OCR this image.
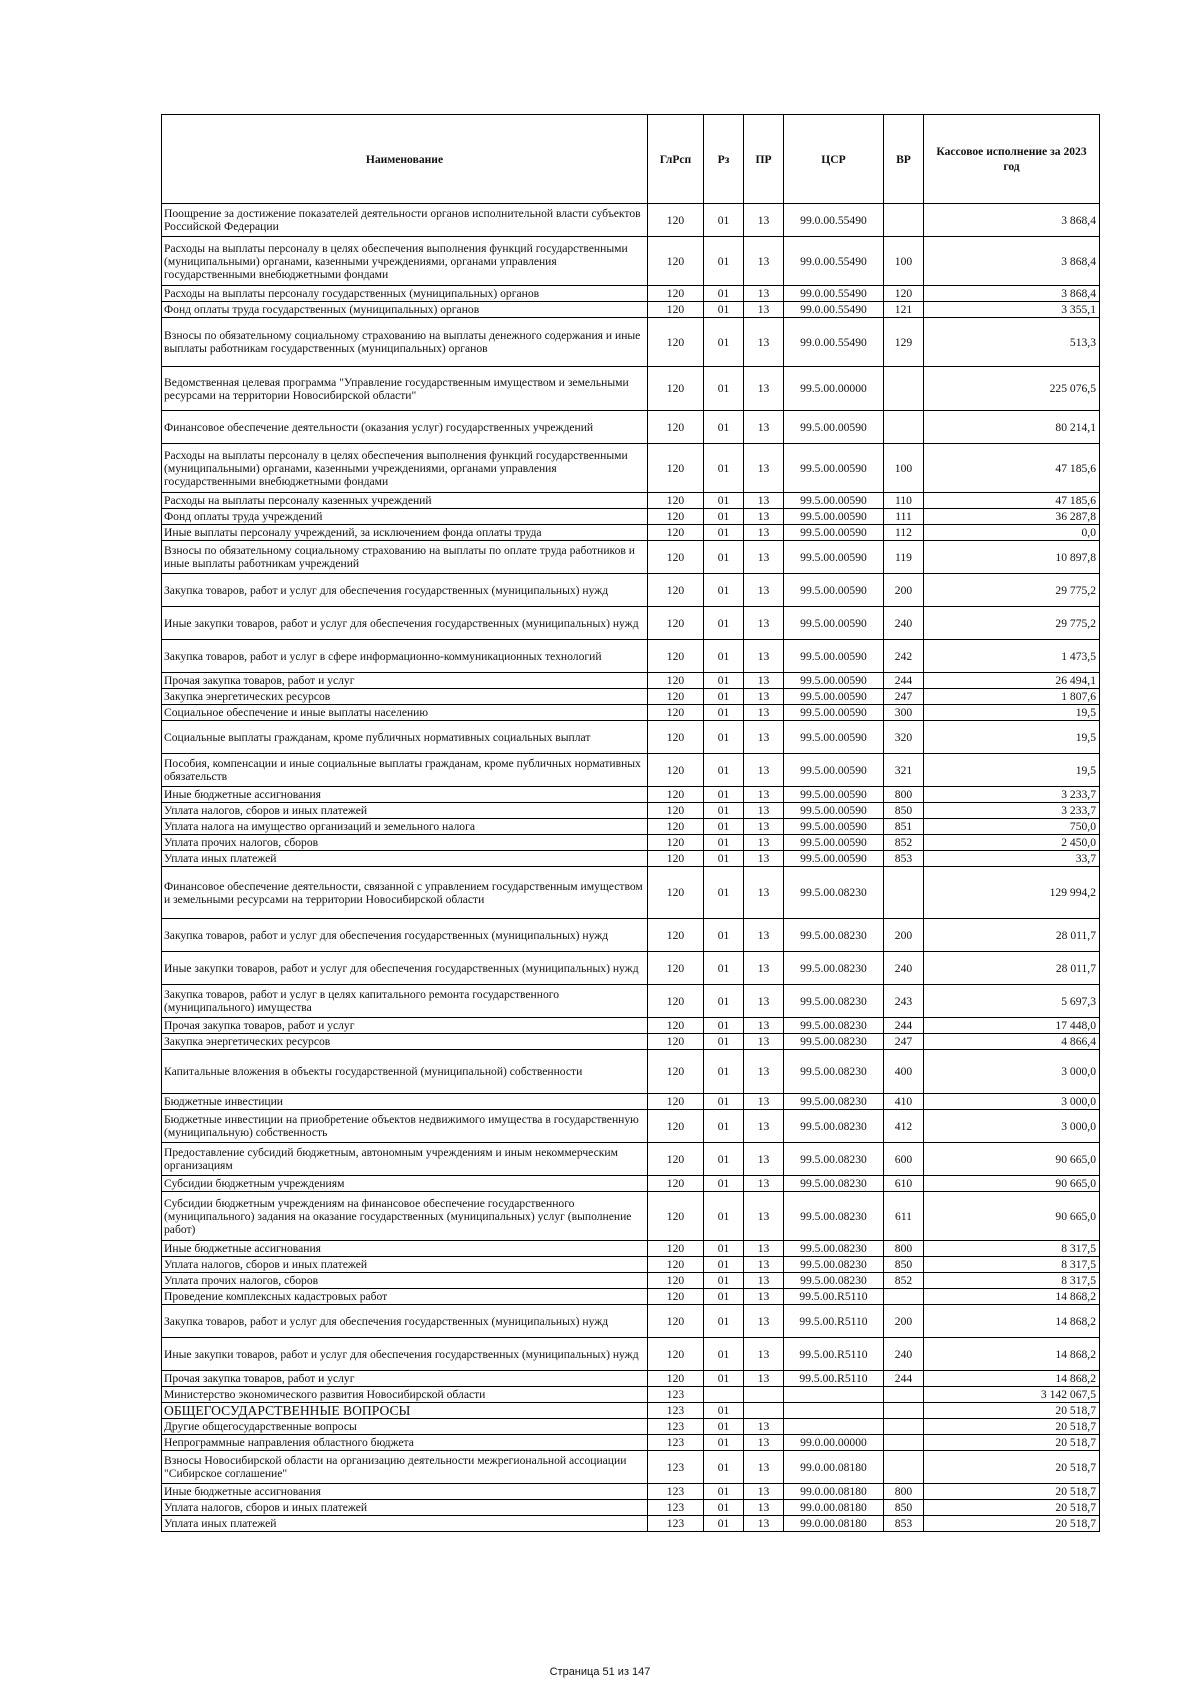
Наименование	ГлРсп	Рз	ПР	ЦСР	ВР	Кассовое исполнение за 2023 год
Поощрение за достижение показателей деятельности органов исполнительной власти субъектов Российской Федерации	120	01	13	99.0.00.55490		3 868,4
Расходы на выплаты персоналу в целях обеспечения выполнения функций государственными (муниципальными) органами, казенными учреждениями, органами управления государственными внебюджетными фондами	120	01	13	99.0.00.55490	100	3 868,4
Расходы на выплаты персоналу государственных (муниципальных) органов	120	01	13	99.0.00.55490	120	3 868,4
Фонд оплаты труда государственных (муниципальных) органов	120	01	13	99.0.00.55490	121	3 355,1
Взносы по обязательному социальному страхованию на выплаты денежного содержания и иные выплаты работникам государственных (муниципальных) органов	120	01	13	99.0.00.55490	129	513,3
Ведомственная целевая программа "Управление государственным имуществом и земельными ресурсами на территории Новосибирской области"	120	01	13	99.5.00.00000		225 076,5
Финансовое обеспечение деятельности (оказания услуг) государственных учреждений	120	01	13	99.5.00.00590		80 214,1
Расходы на выплаты персоналу в целях обеспечения выполнения функций государственными (муниципальными) органами, казенными учреждениями, органами управления государственными внебюджетными фондами	120	01	13	99.5.00.00590	100	47 185,6
Расходы на выплаты персоналу казенных учреждений	120	01	13	99.5.00.00590	110	47 185,6
Фонд оплаты труда учреждений	120	01	13	99.5.00.00590	111	36 287,8
Иные выплаты персоналу учреждений, за исключением фонда оплаты труда	120	01	13	99.5.00.00590	112	0,0
Взносы по обязательному социальному страхованию на выплаты по оплате труда работников и иные выплаты работникам учреждений	120	01	13	99.5.00.00590	119	10 897,8
Закупка товаров, работ и услуг для обеспечения государственных (муниципальных) нужд	120	01	13	99.5.00.00590	200	29 775,2
Иные закупки товаров, работ и услуг для обеспечения государственных (муниципальных) нужд	120	01	13	99.5.00.00590	240	29 775,2
Закупка товаров, работ и услуг в сфере информационно-коммуникационных технологий	120	01	13	99.5.00.00590	242	1 473,5
Прочая закупка товаров, работ и услуг	120	01	13	99.5.00.00590	244	26 494,1
Закупка энергетических ресурсов	120	01	13	99.5.00.00590	247	1 807,6
Социальное обеспечение и иные выплаты населению	120	01	13	99.5.00.00590	300	19,5
Социальные выплаты гражданам, кроме публичных нормативных социальных выплат	120	01	13	99.5.00.00590	320	19,5
Пособия, компенсации и иные социальные выплаты гражданам, кроме публичных нормативных обязательств	120	01	13	99.5.00.00590	321	19,5
Иные бюджетные ассигнования	120	01	13	99.5.00.00590	800	3 233,7
Уплата налогов, сборов и иных платежей	120	01	13	99.5.00.00590	850	3 233,7
Уплата налога на имущество организаций и земельного налога	120	01	13	99.5.00.00590	851	750,0
Уплата прочих налогов, сборов	120	01	13	99.5.00.00590	852	2 450,0
Уплата иных платежей	120	01	13	99.5.00.00590	853	33,7
Финансовое обеспечение деятельности, связанной с управлением государственным имуществом и земельными ресурсами на территории Новосибирской области	120	01	13	99.5.00.08230		129 994,2
Закупка товаров, работ и услуг для обеспечения государственных (муниципальных) нужд	120	01	13	99.5.00.08230	200	28 011,7
Иные закупки товаров, работ и услуг для обеспечения государственных (муниципальных) нужд	120	01	13	99.5.00.08230	240	28 011,7
Закупка товаров, работ и услуг в целях капитального ремонта государственного (муниципального) имущества	120	01	13	99.5.00.08230	243	5 697,3
Прочая закупка товаров, работ и услуг	120	01	13	99.5.00.08230	244	17 448,0
Закупка энергетических ресурсов	120	01	13	99.5.00.08230	247	4 866,4
Капитальные вложения в объекты государственной (муниципальной) собственности	120	01	13	99.5.00.08230	400	3 000,0
Бюджетные инвестиции	120	01	13	99.5.00.08230	410	3 000,0
Бюджетные инвестиции на приобретение объектов недвижимого имущества в государственную (муниципальную) собственность	120	01	13	99.5.00.08230	412	3 000,0
Предоставление субсидий бюджетным, автономным учреждениям и иным некоммерческим организациям	120	01	13	99.5.00.08230	600	90 665,0
Субсидии бюджетным учреждениям	120	01	13	99.5.00.08230	610	90 665,0
Субсидии бюджетным учреждениям на финансовое обеспечение государственного (муниципального) задания на оказание государственных (муниципальных) услуг (выполнение работ)	120	01	13	99.5.00.08230	611	90 665,0
Иные бюджетные ассигнования	120	01	13	99.5.00.08230	800	8 317,5
Уплата налогов, сборов и иных платежей	120	01	13	99.5.00.08230	850	8 317,5
Уплата прочих налогов, сборов	120	01	13	99.5.00.08230	852	8 317,5
Проведение комплексных кадастровых работ	120	01	13	99.5.00.R5110		14 868,2
Закупка товаров, работ и услуг для обеспечения государственных (муниципальных) нужд	120	01	13	99.5.00.R5110	200	14 868,2
Иные закупки товаров, работ и услуг для обеспечения государственных (муниципальных) нужд	120	01	13	99.5.00.R5110	240	14 868,2
Прочая закупка товаров, работ и услуг	120	01	13	99.5.00.R5110	244	14 868,2
Министерство экономического развития Новосибирской области	123					3 142 067,5
ОБЩЕГОСУДАРСТВЕННЫЕ ВОПРОСЫ	123	01				20 518,7
Другие общегосударственные вопросы	123	01	13			20 518,7
Непрограммные направления областного бюджета	123	01	13	99.0.00.00000		20 518,7
Взносы Новосибирской области на организацию деятельности межрегиональной ассоциации "Сибирское соглашение"	123	01	13	99.0.00.08180		20 518,7
Иные бюджетные ассигнования	123	01	13	99.0.00.08180	800	20 518,7
Уплата налогов, сборов и иных платежей	123	01	13	99.0.00.08180	850	20 518,7
Уплата иных платежей	123	01	13	99.0.00.08180	853	20 518,7
Страница 51 из 147
